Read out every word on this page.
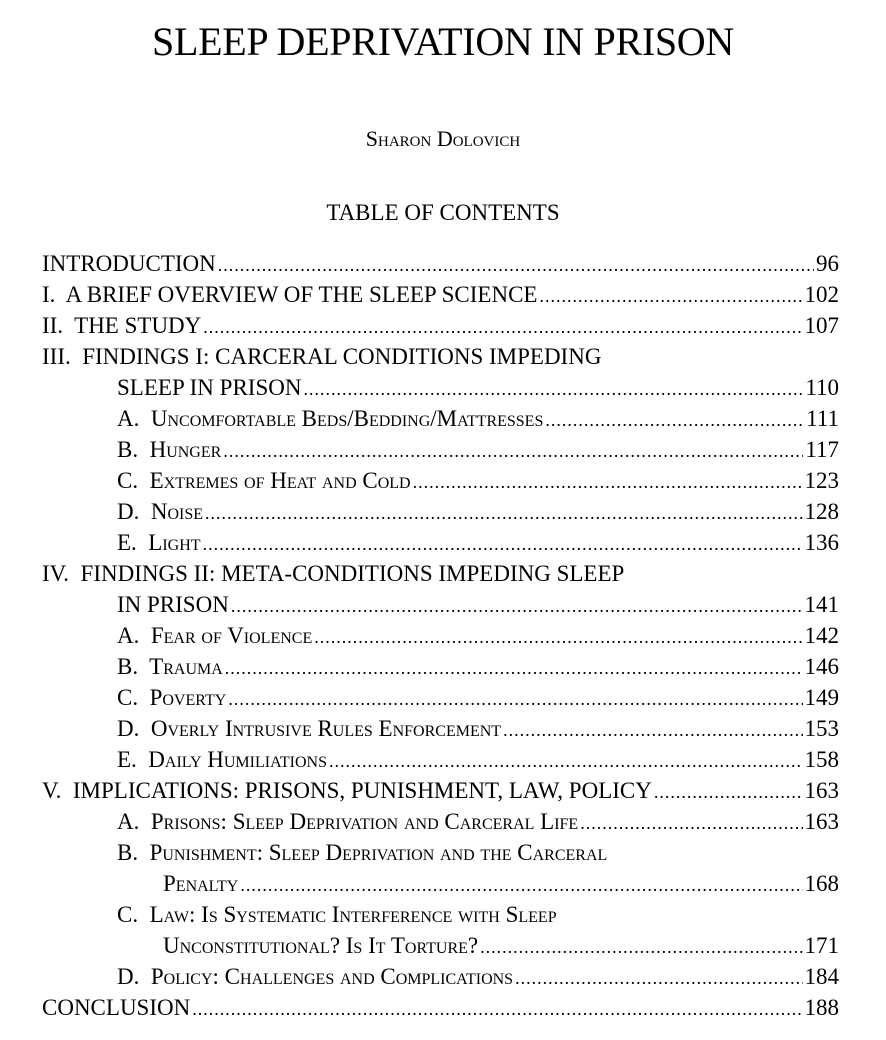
SLEEP DEPRIVATION IN PRISON
Sharon Dolovich
TABLE OF CONTENTS
INTRODUCTION .....	96
I.  A BRIEF OVERVIEW OF THE SLEEP SCIENCE .....	102
II.  THE STUDY .....	107
III.  FINDINGS I: CARCERAL CONDITIONS IMPEDING
SLEEP IN PRISON .....	110
A.  Uncomfortable Beds/Bedding/Mattresses .....	111
B.  Hunger .....	117
C.  Extremes of Heat and Cold .....	123
D.  Noise .....	128
E.  Light .....	136
IV.  FINDINGS II: META-CONDITIONS IMPEDING SLEEP
IN PRISON .....	141
A.  Fear of Violence .....	142
B.  Trauma .....	146
C.  Poverty .....	149
D.  Overly Intrusive Rules Enforcement .....	153
E.  Daily Humiliations .....	158
V.  IMPLICATIONS: PRISONS, PUNISHMENT, LAW, POLICY .....	163
A.  Prisons: Sleep Deprivation and Carceral Life .....	163
B.  Punishment: Sleep Deprivation and the Carceral
Penalty .....	168
C.  Law: Is Systematic Interference with Sleep
Unconstitutional? Is It Torture? .....	171
D.  Policy: Challenges and Complications .....	184
CONCLUSION .....	188
